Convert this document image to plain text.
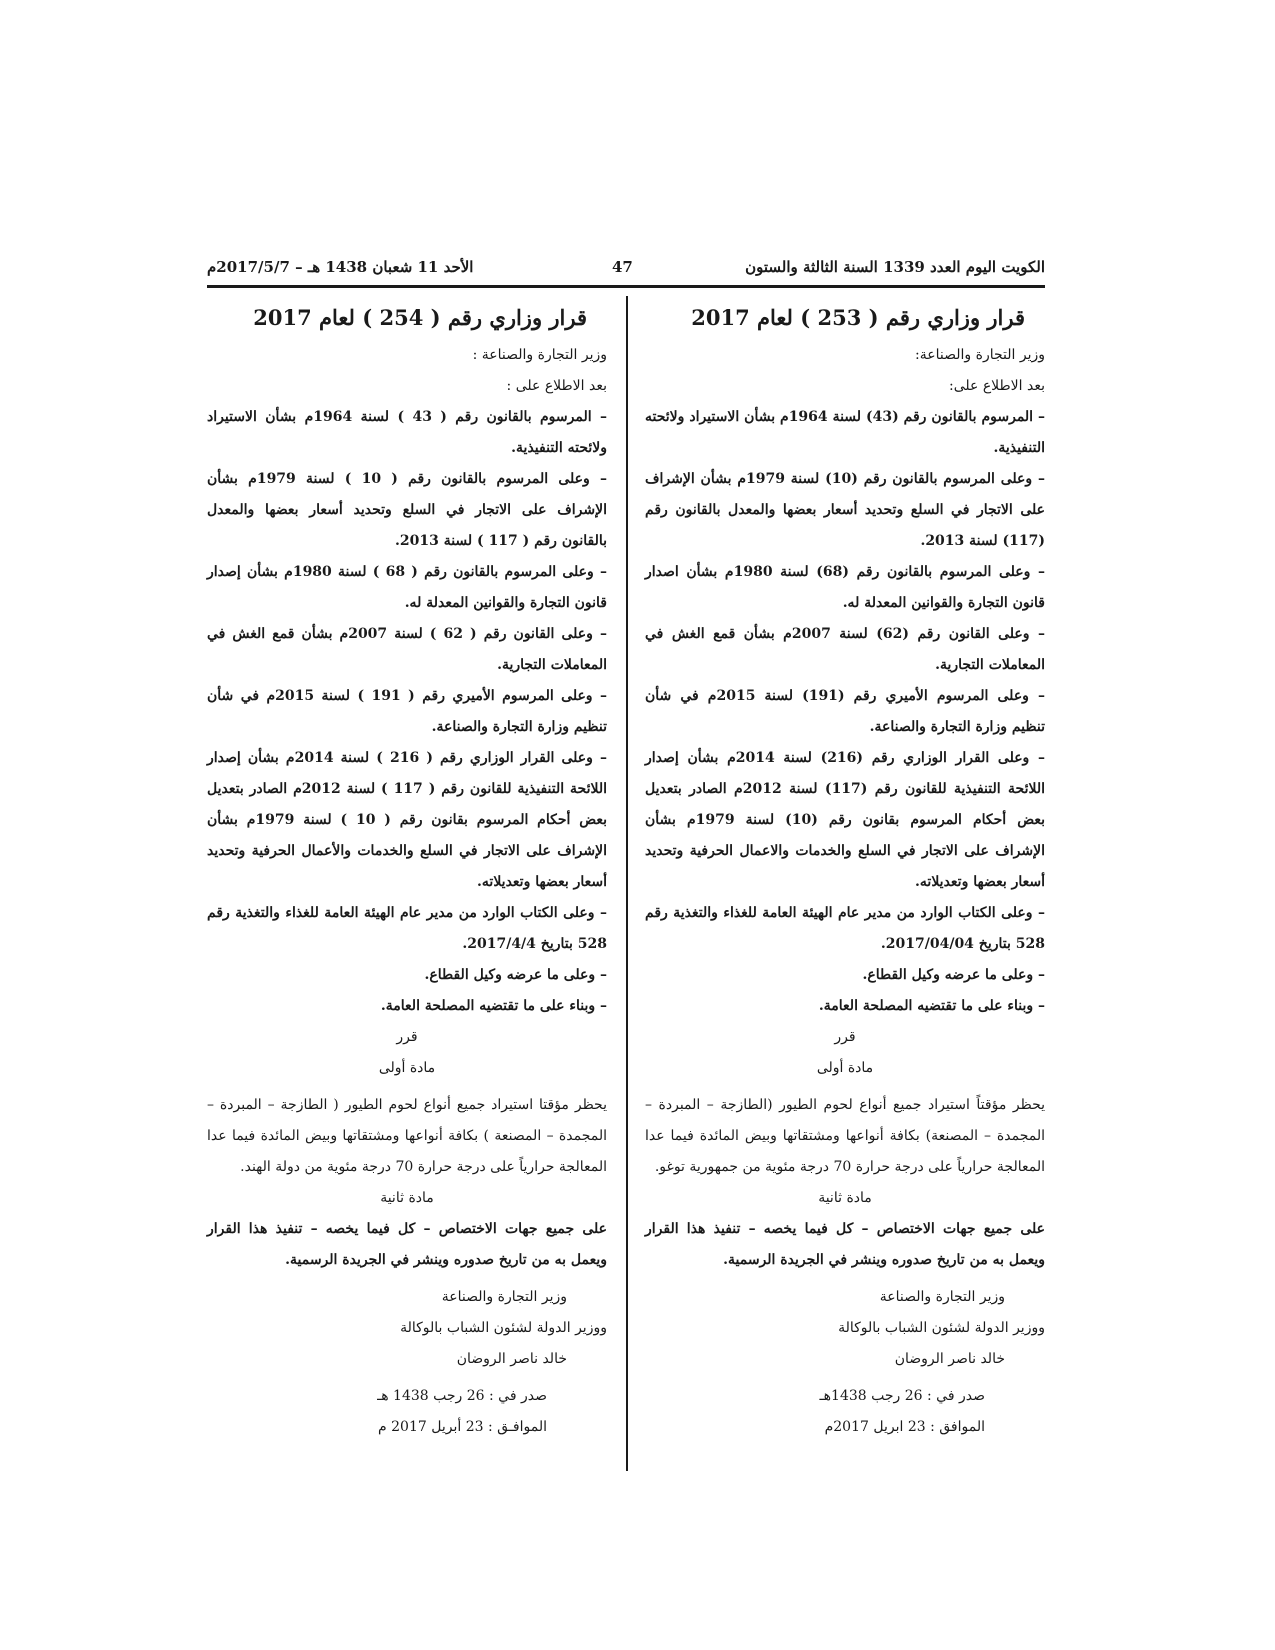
الكويت اليوم العدد 1339 السنة الثالثة والستون
47
الأحد 11 شعبان 1438 هـ – 2017/5/7م
قرار وزاري رقم ( 253 ) لعام 2017

وزير التجارة والصناعة:

بعد الاطلاع على:

– المرسوم بالقانون رقم (43) لسنة 1964م بشأن الاستيراد ولائحته التنفيذية.

– وعلى المرسوم بالقانون رقم (10) لسنة 1979م بشأن الإشراف على الاتجار في السلع وتحديد أسعار بعضها والمعدل بالقانون رقم (117) لسنة 2013.

– وعلى المرسوم بالقانون رقم (68) لسنة 1980م بشأن اصدار قانون التجارة والقوانين المعدلة له.

– وعلى القانون رقم (62) لسنة 2007م بشأن قمع الغش في المعاملات التجارية.

– وعلى المرسوم الأميري رقم (191) لسنة 2015م في شأن تنظيم وزارة التجارة والصناعة.

– وعلى القرار الوزاري رقم (216) لسنة 2014م بشأن إصدار اللائحة التنفيذية للقانون رقم (117) لسنة 2012م الصادر بتعديل بعض أحكام المرسوم بقانون رقم (10) لسنة 1979م بشأن الإشراف على الاتجار في السلع والخدمات والاعمال الحرفية وتحديد أسعار بعضها وتعديلاته.

– وعلى الكتاب الوارد من مدير عام الهيئة العامة للغذاء والتغذية رقم 528 بتاريخ 2017/04/04.

– وعلى ما عرضه وكيل القطاع.

– وبناء على ما تقتضيه المصلحة العامة.

قرر

مادة أولى

يحظر مؤقتاً استيراد جميع أنواع لحوم الطيور (الطازجة – المبردة – المجمدة – المصنعة) بكافة أنواعها ومشتقاتها وبيض المائدة فيما عدا المعالجة حرارياً على درجة حرارة 70 درجة مئوية من جمهورية توغو.

مادة ثانية

على جميع جهات الاختصاص – كل فيما يخصه – تنفيذ هذا القرار ويعمل به من تاريخ صدوره وينشر في الجريدة الرسمية.

وزير التجارة والصناعة

ووزير الدولة لشئون الشباب بالوكالة

خالد ناصر الروضان

صدر في : 26 رجب 1438هـ

الموافق : 23 ابريل 2017م

قرار وزاري رقم ( 254 ) لعام 2017

وزير التجارة والصناعة :

بعد الاطلاع على :

– المرسوم بالقانون رقم ( 43 ) لسنة 1964م بشأن الاستيراد ولائحته التنفيذية.

– وعلى المرسوم بالقانون رقم ( 10 ) لسنة 1979م بشأن الإشراف على الاتجار في السلع وتحديد أسعار بعضها والمعدل بالقانون رقم ( 117 ) لسنة 2013.

– وعلى المرسوم بالقانون رقم ( 68 ) لسنة 1980م بشأن إصدار قانون التجارة والقوانين المعدلة له.

– وعلى القانون رقم ( 62 ) لسنة 2007م بشأن قمع الغش في المعاملات التجارية.

– وعلى المرسوم الأميري رقم ( 191 ) لسنة 2015م في شأن تنظيم وزارة التجارة والصناعة.

– وعلى القرار الوزاري رقم ( 216 ) لسنة 2014م بشأن إصدار اللائحة التنفيذية للقانون رقم ( 117 ) لسنة 2012م الصادر بتعديل بعض أحكام المرسوم بقانون رقم ( 10 ) لسنة 1979م بشأن الإشراف على الاتجار في السلع والخدمات والأعمال الحرفية وتحديد أسعار بعضها وتعديلاته.

– وعلى الكتاب الوارد من مدير عام الهيئة العامة للغذاء والتغذية رقم 528 بتاريخ 2017/4/4.

– وعلى ما عرضه وكيل القطاع.

– وبناء على ما تقتضيه المصلحة العامة.

قرر

مادة أولى

يحظر مؤقتا استيراد جميع أنواع لحوم الطيور ( الطازجة – المبردة – المجمدة – المصنعة ) بكافة أنواعها ومشتقاتها وبيض المائدة فيما عدا المعالجة حرارياً على درجة حرارة 70 درجة مئوية من دولة الهند.

مادة ثانية

على جميع جهات الاختصاص – كل فيما يخصه – تنفيذ هذا القرار ويعمل به من تاريخ صدوره وينشر في الجريدة الرسمية.

وزير التجارة والصناعة

ووزير الدولة لشئون الشباب بالوكالة

خالد ناصر الروضان

صدر في : 26 رجب 1438 هـ

الموافـق : 23 أبريل 2017 م
